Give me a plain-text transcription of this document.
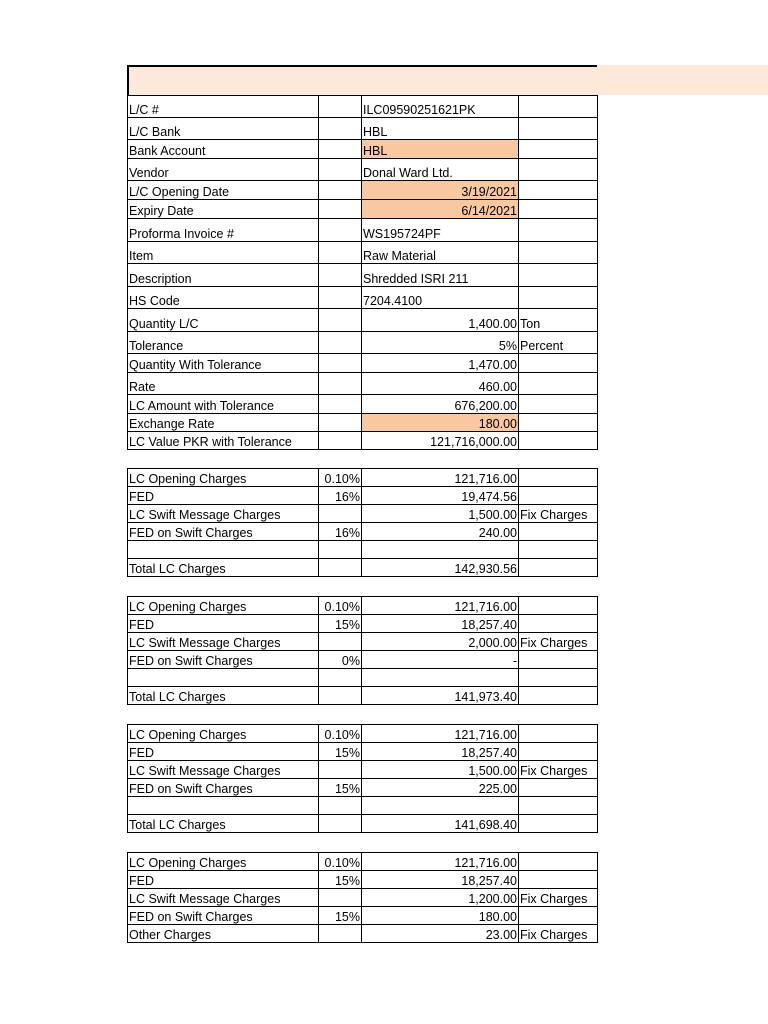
L/C #		ILC09590251621PK	
L/C Bank		HBL	
Bank Account		HBL	
Vendor		Donal Ward Ltd.	
L/C Opening Date		3/19/2021	
Expiry Date		6/14/2021	
Proforma Invoice #		WS195724PF	
Item		Raw Material	
Description		Shredded ISRI 211	
HS Code		7204.4100	
Quantity L/C		1,400.00	Ton
Tolerance		5%	Percent
Quantity With Tolerance		1,470.00	
Rate		460.00	
LC Amount with Tolerance		676,200.00	
Exchange Rate		180.00	
LC Value PKR with Tolerance		121,716,000.00	
LC Opening Charges	0.10%	121,716.00	
FED	16%	19,474.56	
LC Swift Message Charges		1,500.00	Fix Charges
FED on Swift Charges	16%	240.00	

Total LC Charges		142,930.56	
LC Opening Charges	0.10%	121,716.00	
FED	15%	18,257.40	
LC Swift Message Charges		2,000.00	Fix Charges
FED on Swift Charges	0%	-	

Total LC Charges		141,973.40	
LC Opening Charges	0.10%	121,716.00	
FED	15%	18,257.40	
LC Swift Message Charges		1,500.00	Fix Charges
FED on Swift Charges	15%	225.00	

Total LC Charges		141,698.40	
LC Opening Charges	0.10%	121,716.00	
FED	15%	18,257.40	
LC Swift Message Charges		1,200.00	Fix Charges
FED on Swift Charges	15%	180.00	
Other Charges		23.00	Fix Charges
